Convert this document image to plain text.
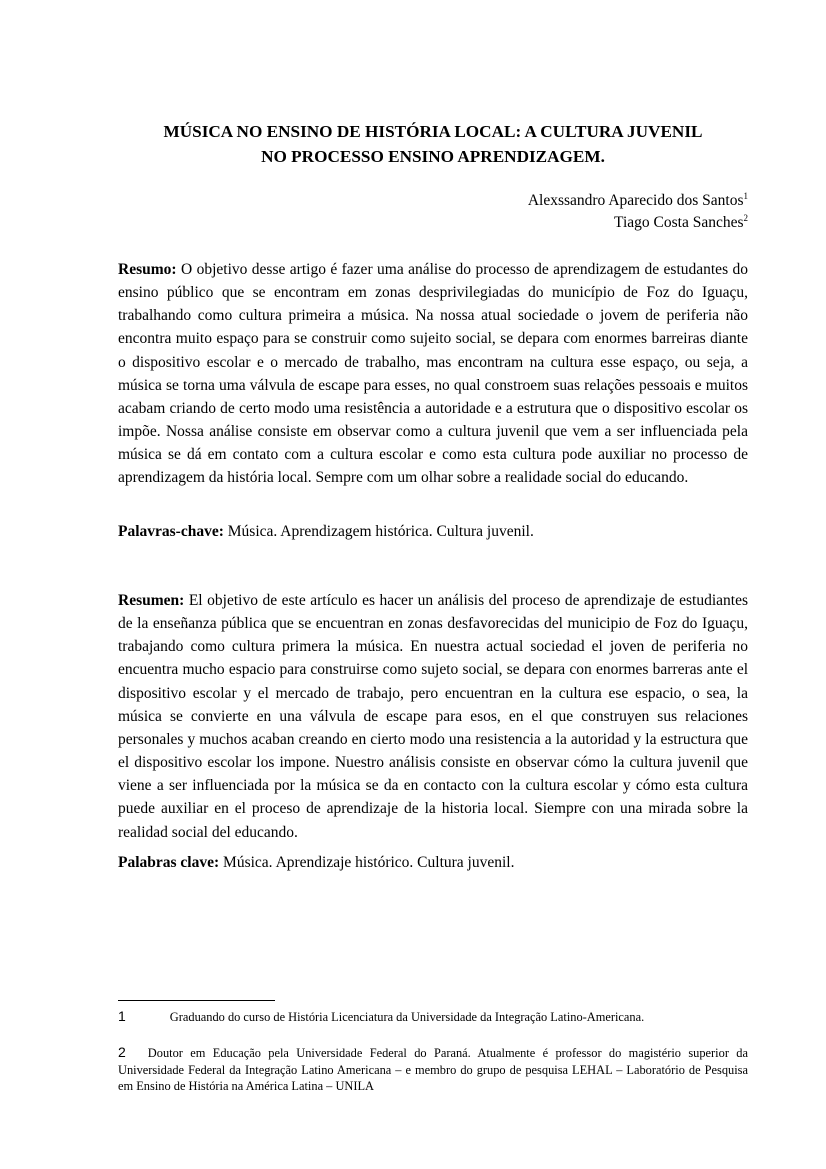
MÚSICA NO ENSINO DE HISTÓRIA LOCAL: A CULTURA JUVENIL
NO PROCESSO ENSINO APRENDIZAGEM.
Alexssandro Aparecido dos Santos$^1$
Tiago Costa Sanches$^2$

Resumo: O objetivo desse artigo é fazer uma análise do processo de aprendizagem de estudantes do ensino público que se encontram em zonas desprivilegiadas do município de Foz do Iguaçu, trabalhando como cultura primeira a música. Na nossa atual sociedade o jovem de periferia não encontra muito espaço para se construir como sujeito social, se depara com enormes barreiras diante o dispositivo escolar e o mercado de trabalho, mas encontram na cultura esse espaço, ou seja, a música se torna uma válvula de escape para esses, no qual constroem suas relações pessoais e muitos acabam criando de certo modo uma resistência a autoridade e a estrutura que o dispositivo escolar os impõe. Nossa análise consiste em observar como a cultura juvenil que vem a ser influenciada pela música se dá em contato com a cultura escolar e como esta cultura pode auxiliar no processo de aprendizagem da história local. Sempre com um olhar sobre a realidade social do educando.

Palavras-chave: Música. Aprendizagem histórica. Cultura juvenil.

Resumen: El objetivo de este artículo es hacer un análisis del proceso de aprendizaje de estudiantes de la enseñanza pública que se encuentran en zonas desfavorecidas del municipio de Foz do Iguaçu, trabajando como cultura primera la música. En nuestra actual sociedad el joven de periferia no encuentra mucho espacio para construirse como sujeto social, se depara con enormes barreras ante el dispositivo escolar y el mercado de trabajo, pero encuentran en la cultura ese espacio, o sea, la música se convierte en una válvula de escape para esos, en el que construyen sus relaciones personales y muchos acaban creando en cierto modo una resistencia a la autoridad y la estructura que el dispositivo escolar los impone. Nuestro análisis consiste en observar cómo la cultura juvenil que viene a ser influenciada por la música se da en contacto con la cultura escolar y cómo esta cultura puede auxiliar en el proceso de aprendizaje de la historia local. Siempre con una mirada sobre la realidad social del educando.

Palabras clave: Música. Aprendizaje histórico. Cultura juvenil.

1	Graduando do curso de História Licenciatura da Universidade da Integração Latino-Americana.

2 Doutor em Educação pela Universidade Federal do Paraná. Atualmente é professor do magistério superior da Universidade Federal da Integração Latino Americana – e membro do grupo de pesquisa LEHAL – Laboratório de Pesquisa em Ensino de História na América Latina – UNILA
